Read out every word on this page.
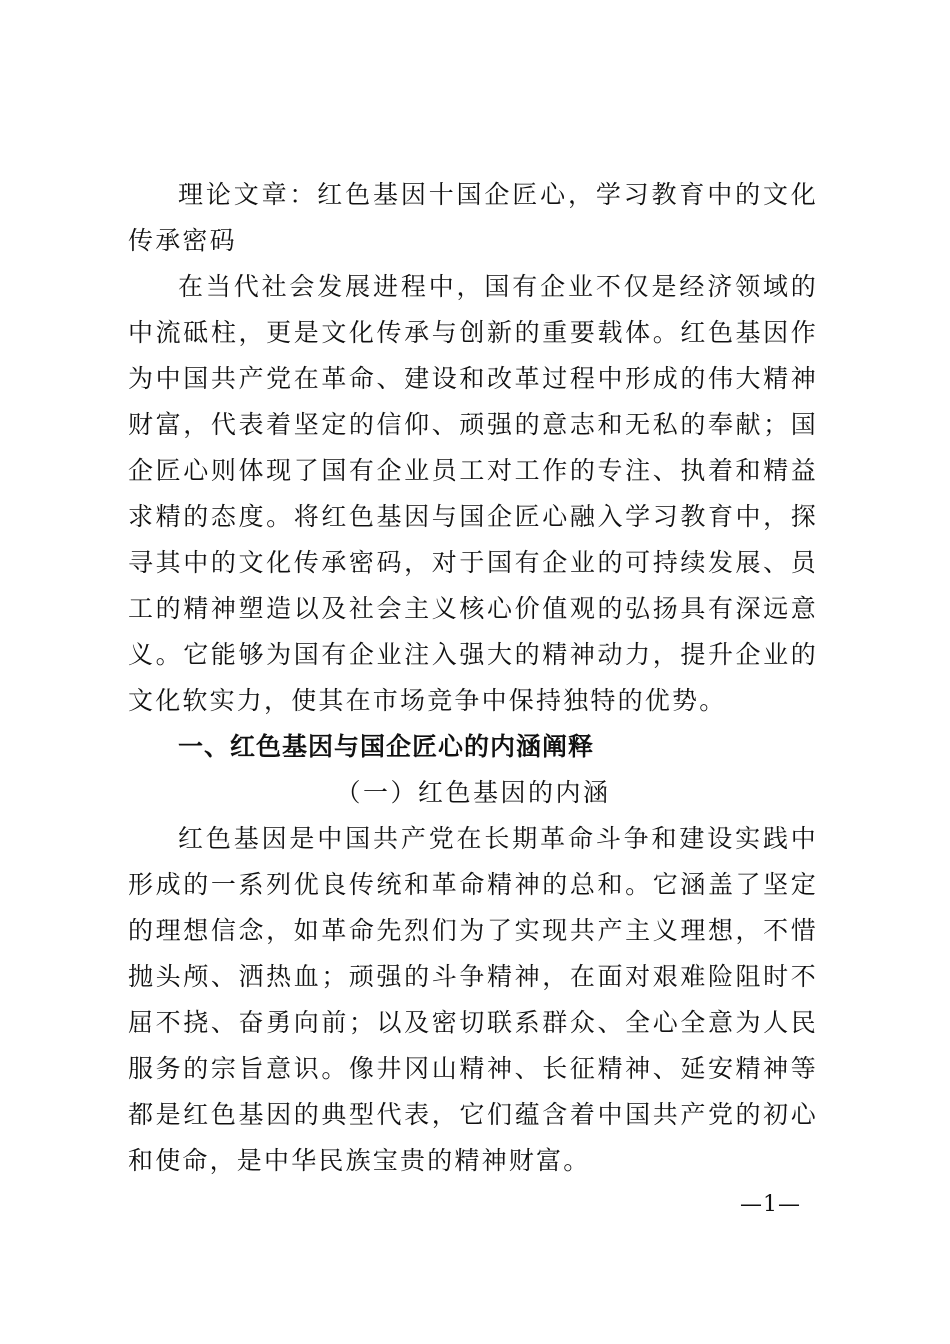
理论文章：红色基因十国企匠心，学习教育中的文化传承密码

在当代社会发展进程中，国有企业不仅是经济领域的中流砥柱，更是文化传承与创新的重要载体。红色基因作为中国共产党在革命、建设和改革过程中形成的伟大精神财富，代表着坚定的信仰、顽强的意志和无私的奉献；国企匠心则体现了国有企业员工对工作的专注、执着和精益求精的态度。将红色基因与国企匠心融入学习教育中，探寻其中的文化传承密码，对于国有企业的可持续发展、员工的精神塑造以及社会主义核心价值观的弘扬具有深远意义。它能够为国有企业注入强大的精神动力，提升企业的文化软实力，使其在市场竞争中保持独特的优势。

一、红色基因与国企匠心的内涵阐释

（一）红色基因的内涵

红色基因是中国共产党在长期革命斗争和建设实践中形成的一系列优良传统和革命精神的总和。它涵盖了坚定的理想信念，如革命先烈们为了实现共产主义理想，不惜抛头颅、洒热血；顽强的斗争精神，在面对艰难险阻时不屈不挠、奋勇向前；以及密切联系群众、全心全意为人民服务的宗旨意识。像井冈山精神、长征精神、延安精神等都是红色基因的典型代表，它们蕴含着中国共产党的初心和使命，是中华民族宝贵的精神财富。

—1—
